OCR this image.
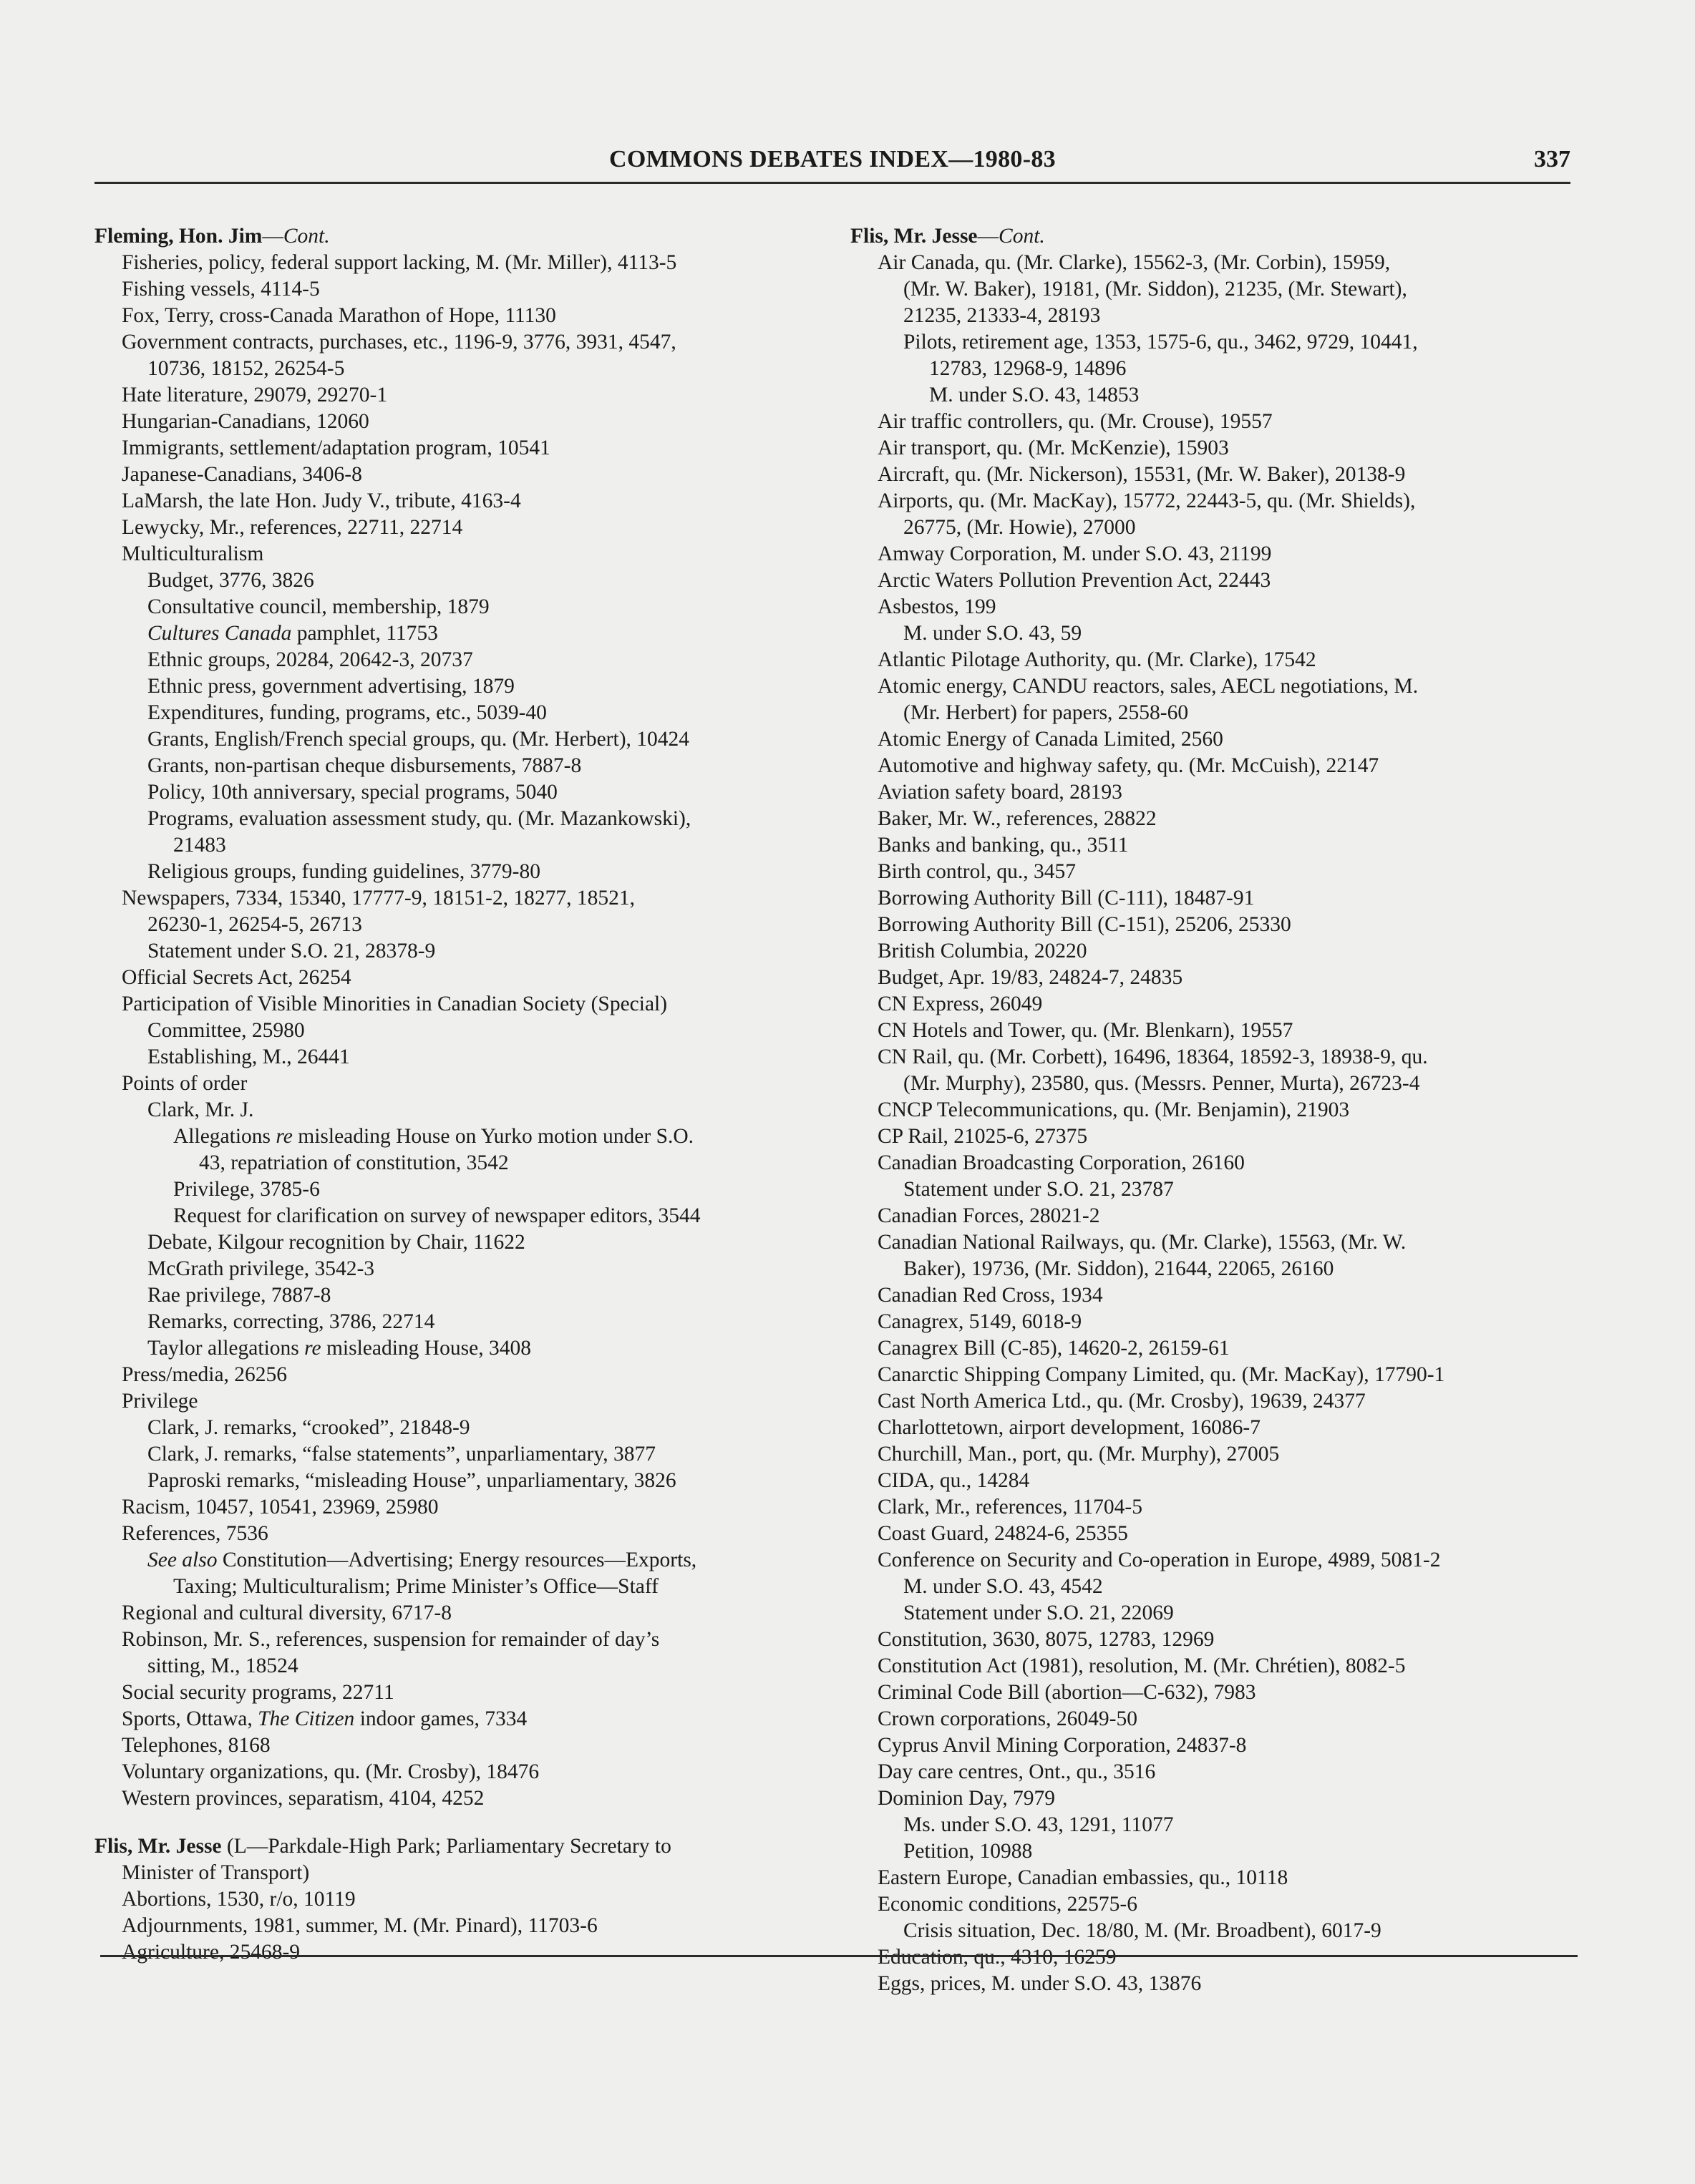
COMMONS DEBATES INDEX—1980-83	337
Fleming, Hon. Jim—Cont.
Fisheries, policy, federal support lacking, M. (Mr. Miller), 4113-5
Fishing vessels, 4114-5
Fox, Terry, cross-Canada Marathon of Hope, 11130
Government contracts, purchases, etc., 1196-9, 3776, 3931, 4547,
10736, 18152, 26254-5
Hate literature, 29079, 29270-1
Hungarian-Canadians, 12060
Immigrants, settlement/adaptation program, 10541
Japanese-Canadians, 3406-8
LaMarsh, the late Hon. Judy V., tribute, 4163-4
Lewycky, Mr., references, 22711, 22714
Multiculturalism
Budget, 3776, 3826
Consultative council, membership, 1879
Cultures Canada pamphlet, 11753
Ethnic groups, 20284, 20642-3, 20737
Ethnic press, government advertising, 1879
Expenditures, funding, programs, etc., 5039-40
Grants, English/French special groups, qu. (Mr. Herbert), 10424
Grants, non-partisan cheque disbursements, 7887-8
Policy, 10th anniversary, special programs, 5040
Programs, evaluation assessment study, qu. (Mr. Mazankowski),
21483
Religious groups, funding guidelines, 3779-80
Newspapers, 7334, 15340, 17777-9, 18151-2, 18277, 18521,
26230-1, 26254-5, 26713
Statement under S.O. 21, 28378-9
Official Secrets Act, 26254
Participation of Visible Minorities in Canadian Society (Special)
Committee, 25980
Establishing, M., 26441
Points of order
Clark, Mr. J.
Allegations re misleading House on Yurko motion under S.O.
43, repatriation of constitution, 3542
Privilege, 3785-6
Request for clarification on survey of newspaper editors, 3544
Debate, Kilgour recognition by Chair, 11622
McGrath privilege, 3542-3
Rae privilege, 7887-8
Remarks, correcting, 3786, 22714
Taylor allegations re misleading House, 3408
Press/media, 26256
Privilege
Clark, J. remarks, “crooked”, 21848-9
Clark, J. remarks, “false statements”, unparliamentary, 3877
Paproski remarks, “misleading House”, unparliamentary, 3826
Racism, 10457, 10541, 23969, 25980
References, 7536
See also Constitution—Advertising; Energy resources—Exports,
Taxing; Multiculturalism; Prime Minister’s Office—Staff
Regional and cultural diversity, 6717-8
Robinson, Mr. S., references, suspension for remainder of day’s
sitting, M., 18524
Social security programs, 22711
Sports, Ottawa, The Citizen indoor games, 7334
Telephones, 8168
Voluntary organizations, qu. (Mr. Crosby), 18476
Western provinces, separatism, 4104, 4252
Flis, Mr. Jesse (L—Parkdale-High Park; Parliamentary Secretary to
Minister of Transport)
Abortions, 1530, r/o, 10119
Adjournments, 1981, summer, M. (Mr. Pinard), 11703-6
Agriculture, 25468-9
Flis, Mr. Jesse—Cont.
Air Canada, qu. (Mr. Clarke), 15562-3, (Mr. Corbin), 15959,
(Mr. W. Baker), 19181, (Mr. Siddon), 21235, (Mr. Stewart),
21235, 21333-4, 28193
Pilots, retirement age, 1353, 1575-6, qu., 3462, 9729, 10441,
12783, 12968-9, 14896
M. under S.O. 43, 14853
Air traffic controllers, qu. (Mr. Crouse), 19557
Air transport, qu. (Mr. McKenzie), 15903
Aircraft, qu. (Mr. Nickerson), 15531, (Mr. W. Baker), 20138-9
Airports, qu. (Mr. MacKay), 15772, 22443-5, qu. (Mr. Shields),
26775, (Mr. Howie), 27000
Amway Corporation, M. under S.O. 43, 21199
Arctic Waters Pollution Prevention Act, 22443
Asbestos, 199
M. under S.O. 43, 59
Atlantic Pilotage Authority, qu. (Mr. Clarke), 17542
Atomic energy, CANDU reactors, sales, AECL negotiations, M.
(Mr. Herbert) for papers, 2558-60
Atomic Energy of Canada Limited, 2560
Automotive and highway safety, qu. (Mr. McCuish), 22147
Aviation safety board, 28193
Baker, Mr. W., references, 28822
Banks and banking, qu., 3511
Birth control, qu., 3457
Borrowing Authority Bill (C-111), 18487-91
Borrowing Authority Bill (C-151), 25206, 25330
British Columbia, 20220
Budget, Apr. 19/83, 24824-7, 24835
CN Express, 26049
CN Hotels and Tower, qu. (Mr. Blenkarn), 19557
CN Rail, qu. (Mr. Corbett), 16496, 18364, 18592-3, 18938-9, qu.
(Mr. Murphy), 23580, qus. (Messrs. Penner, Murta), 26723-4
CNCP Telecommunications, qu. (Mr. Benjamin), 21903
CP Rail, 21025-6, 27375
Canadian Broadcasting Corporation, 26160
Statement under S.O. 21, 23787
Canadian Forces, 28021-2
Canadian National Railways, qu. (Mr. Clarke), 15563, (Mr. W.
Baker), 19736, (Mr. Siddon), 21644, 22065, 26160
Canadian Red Cross, 1934
Canagrex, 5149, 6018-9
Canagrex Bill (C-85), 14620-2, 26159-61
Canarctic Shipping Company Limited, qu. (Mr. MacKay), 17790-1
Cast North America Ltd., qu. (Mr. Crosby), 19639, 24377
Charlottetown, airport development, 16086-7
Churchill, Man., port, qu. (Mr. Murphy), 27005
CIDA, qu., 14284
Clark, Mr., references, 11704-5
Coast Guard, 24824-6, 25355
Conference on Security and Co-operation in Europe, 4989, 5081-2
M. under S.O. 43, 4542
Statement under S.O. 21, 22069
Constitution, 3630, 8075, 12783, 12969
Constitution Act (1981), resolution, M. (Mr. Chrétien), 8082-5
Criminal Code Bill (abortion—C-632), 7983
Crown corporations, 26049-50
Cyprus Anvil Mining Corporation, 24837-8
Day care centres, Ont., qu., 3516
Dominion Day, 7979
Ms. under S.O. 43, 1291, 11077
Petition, 10988
Eastern Europe, Canadian embassies, qu., 10118
Economic conditions, 22575-6
Crisis situation, Dec. 18/80, M. (Mr. Broadbent), 6017-9
Education, qu., 4310, 16259
Eggs, prices, M. under S.O. 43, 13876
